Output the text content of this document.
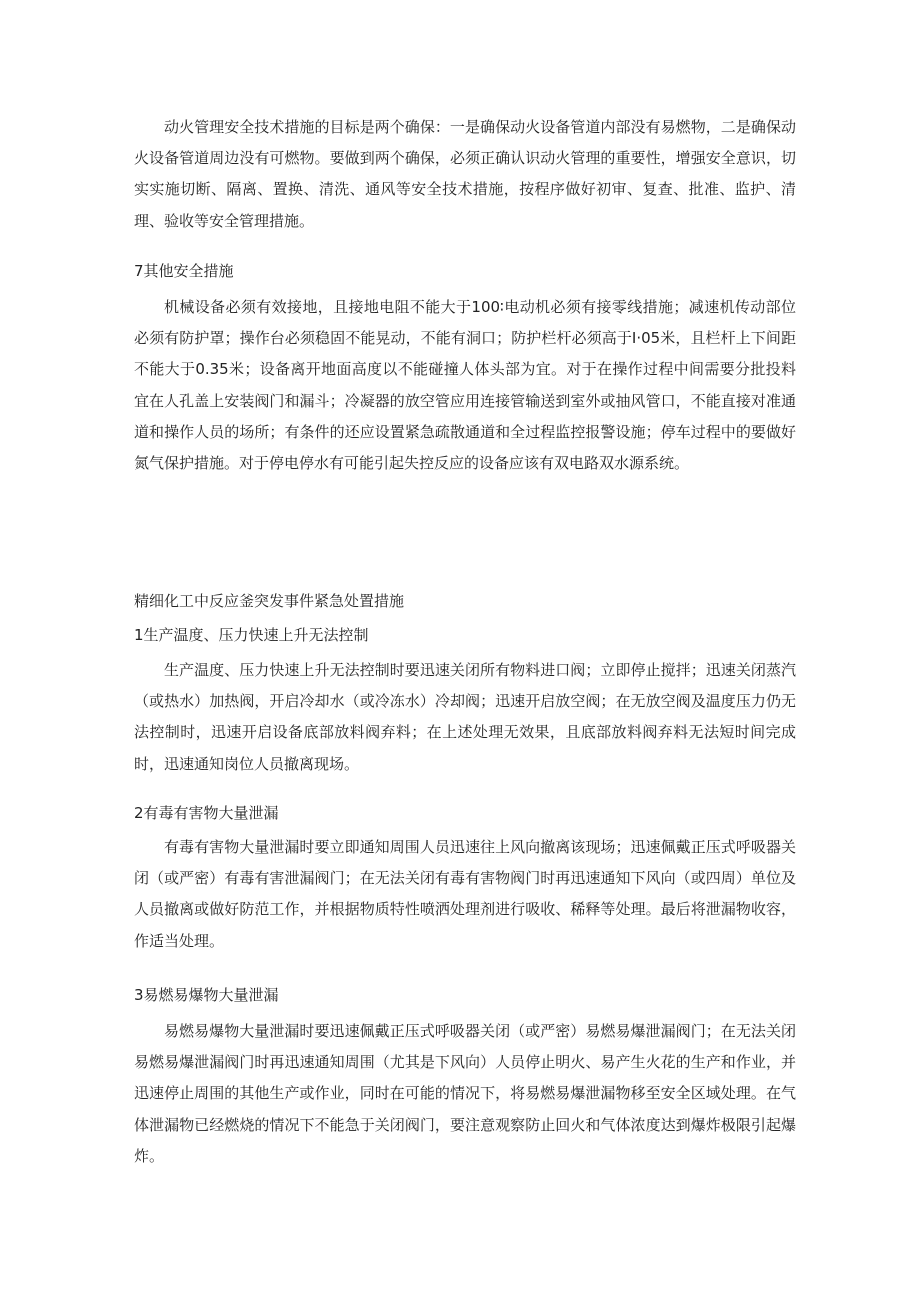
动火管理安全技术措施的目标是两个确保：一是确保动火设备管道内部没有易燃物，二是确保动火设备管道周边没有可燃物。要做到两个确保，必须正确认识动火管理的重要性，增强安全意识，切实实施切断、隔离、置换、清洗、通风等安全技术措施，按程序做好初审、复查、批准、监护、清理、验收等安全管理措施。

7其他安全措施

机械设备必须有效接地，且接地电阻不能大于100∶电动机必须有接零线措施；减速机传动部位必须有防护罩；操作台必须稳固不能晃动，不能有洞口；防护栏杆必须高于I·05米，且栏杆上下间距不能大于0.35米；设备离开地面高度以不能碰撞人体头部为宜。对于在操作过程中间需要分批投料宜在人孔盖上安装阀门和漏斗；冷凝器的放空管应用连接管输送到室外或抽风管口，不能直接对准通道和操作人员的场所；有条件的还应设置紧急疏散通道和全过程监控报警设施；停车过程中的要做好氮气保护措施。对于停电停水有可能引起失控反应的设备应该有双电路双水源系统。

精细化工中反应釜突发事件紧急处置措施

1生产温度、压力快速上升无法控制

生产温度、压力快速上升无法控制时要迅速关闭所有物料进口阀；立即停止搅拌；迅速关闭蒸汽（或热水）加热阀，开启冷却水（或冷冻水）冷却阀；迅速开启放空阀；在无放空阀及温度压力仍无法控制时，迅速开启设备底部放料阀弃料；在上述处理无效果，且底部放料阀弃料无法短时间完成时，迅速通知岗位人员撤离现场。

2有毒有害物大量泄漏

有毒有害物大量泄漏时要立即通知周围人员迅速往上风向撤离该现场；迅速佩戴正压式呼吸器关闭（或严密）有毒有害泄漏阀门；在无法关闭有毒有害物阀门时再迅速通知下风向（或四周）单位及人员撤离或做好防范工作，并根据物质特性喷洒处理剂进行吸收、稀释等处理。最后将泄漏物收容，作适当处理。

3易燃易爆物大量泄漏

易燃易爆物大量泄漏时要迅速佩戴正压式呼吸器关闭（或严密）易燃易爆泄漏阀门；在无法关闭易燃易爆泄漏阀门时再迅速通知周围（尤其是下风向）人员停止明火、易产生火花的生产和作业，并迅速停止周围的其他生产或作业，同时在可能的情况下，将易燃易爆泄漏物移至安全区域处理。在气体泄漏物已经燃烧的情况下不能急于关闭阀门，要注意观察防止回火和气体浓度达到爆炸极限引起爆炸。
